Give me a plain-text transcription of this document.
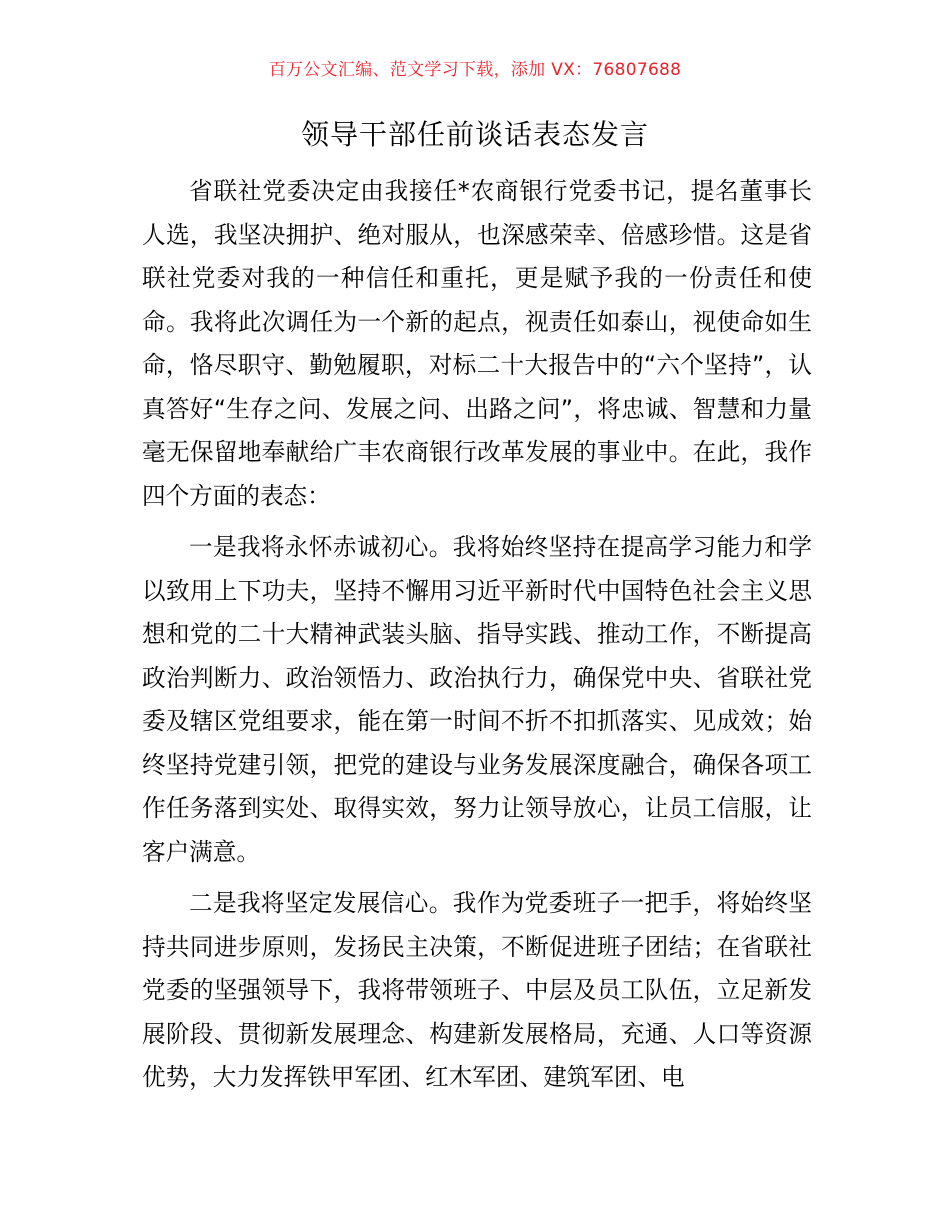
百万公文汇编、范文学习下载，添加 VX：76807688
领导干部任前谈话表态发言

省联社党委决定由我接任*农商银行党委书记，提名董事长人选，我坚决拥护、绝对服从，也深感荣幸、倍感珍惜。这是省联社党委对我的一种信任和重托，更是赋予我的一份责任和使命。我将此次调任为一个新的起点，视责任如泰山，视使命如生命，恪尽职守、勤勉履职，对标二十大报告中的“六个坚持”，认真答好“生存之问、发展之问、出路之问”，将忠诚、智慧和力量毫无保留地奉献给广丰农商银行改革发展的事业中。在此，我作四个方面的表态：

一是我将永怀赤诚初心。我将始终坚持在提高学习能力和学以致用上下功夫，坚持不懈用习近平新时代中国特色社会主义思想和党的二十大精神武装头脑、指导实践、推动工作，不断提高政治判断力、政治领悟力、政治执行力，确保党中央、省联社党委及辖区党组要求，能在第一时间不折不扣抓落实、见成效；始终坚持党建引领，把党的建设与业务发展深度融合，确保各项工作任务落到实处、取得实效，努力让领导放心，让员工信服，让客户满意。

二是我将坚定发展信心。我作为党委班子一把手，将始终坚持共同进步原则，发扬民主决策，不断促进班子团结；在省联社党委的坚强领导下，我将带领班子、中层及员工队伍，立足新发展阶段、贯彻新发展理念、构建新发展格局，充通、人口等资源优势，大力发挥铁甲军团、红木军团、建筑军团、电
